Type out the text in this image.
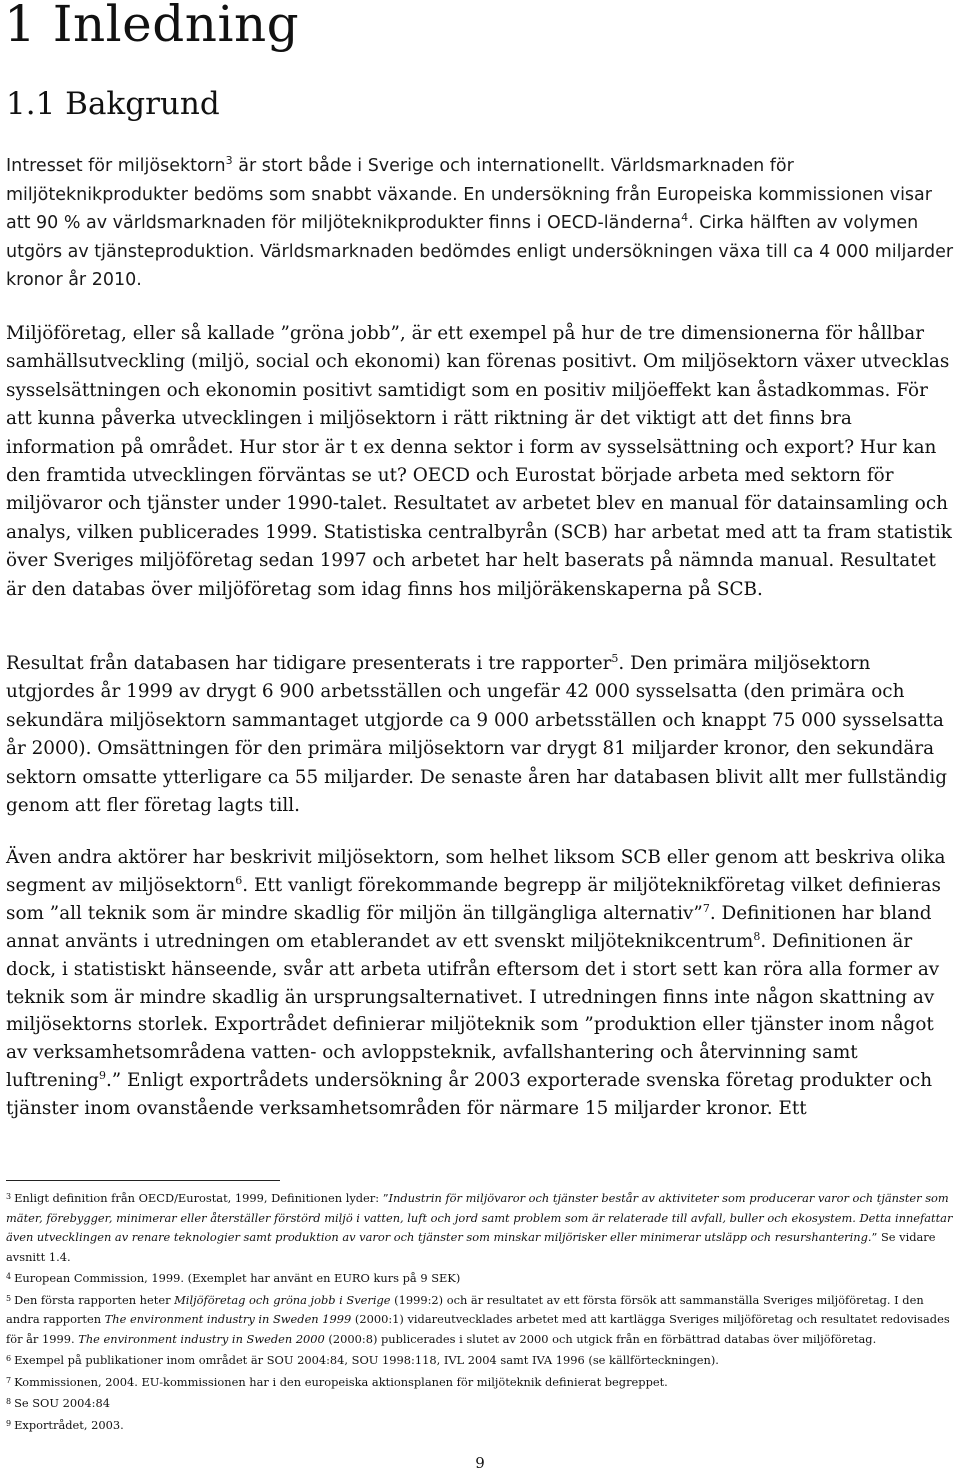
1 Inledning
1.1 Bakgrund

Intresset för miljösektorn$^3$ är stort både i Sverige och internationellt. Världsmarknaden för miljöteknikprodukter bedöms som snabbt växande. En undersökning från Europeiska kommissionen visar att 90 % av världsmarknaden för miljöteknikprodukter finns i OECD-länderna$^4$. Cirka hälften av volymen utgörs av tjänsteproduktion. Världsmarknaden bedömdes enligt undersökningen växa till ca 4 000 miljarder kronor år 2010.

Miljöföretag, eller så kallade ”gröna jobb”, är ett exempel på hur de tre dimensionerna för hållbar samhällsutveckling (miljö, social och ekonomi) kan förenas positivt. Om miljösektorn växer utvecklas sysselsättningen och ekonomin positivt samtidigt som en positiv miljöeffekt kan åstadkommas. För att kunna påverka utvecklingen i miljösektorn i rätt riktning är det viktigt att det finns bra information på området. Hur stor är t ex denna sektor i form av sysselsättning och export? Hur kan den framtida utvecklingen förväntas se ut? OECD och Eurostat började arbeta med sektorn för miljövaror och tjänster under 1990-talet. Resultatet av arbetet blev en manual för datainsamling och analys, vilken publicerades 1999. Statistiska centralbyrån (SCB) har arbetat med att ta fram statistik över Sveriges miljöföretag sedan 1997 och arbetet har helt baserats på nämnda manual. Resultatet är den databas över miljöföretag som idag finns hos miljöräkenskaperna på SCB.

Resultat från databasen har tidigare presenterats i tre rapporter$^5$. Den primära miljösektorn utgjordes år 1999 av drygt 6 900 arbetsställen och ungefär 42 000 sysselsatta (den primära och sekundära miljösektorn sammantaget utgjorde ca 9 000 arbetsställen och knappt 75 000 sysselsatta år 2000). Omsättningen för den primära miljösektorn var drygt 81 miljarder kronor, den sekundära sektorn omsatte ytterligare ca 55 miljarder. De senaste åren har databasen blivit allt mer fullständig genom att fler företag lagts till.

Även andra aktörer har beskrivit miljösektorn, som helhet liksom SCB eller genom att beskriva olika segment av miljösektorn$^6$. Ett vanligt förekommande begrepp är miljöteknikföretag vilket definieras som ”all teknik som är mindre skadlig för miljön än tillgängliga alternativ”$^7$. Definitionen har bland annat använts i utredningen om etablerandet av ett svenskt miljöteknikcentrum$^8$. Definitionen är dock, i statistiskt hänseende, svår att arbeta utifrån eftersom det i stort sett kan röra alla former av teknik som är mindre skadlig än ursprungsalternativet. I utredningen finns inte någon skattning av miljösektorns storlek. Exportrådet definierar miljöteknik som ”produktion eller tjänster inom något av verksamhetsområdena vatten- och avloppsteknik, avfallshantering och återvinning samt luftrening$^9$.” Enligt exportrådets undersökning år 2003 exporterade svenska företag produkter och tjänster inom ovanstående verksamhetsområden för närmare 15 miljarder kronor. Ett

$^3$ Enligt definition från OECD/Eurostat, 1999, Definitionen lyder: ”Industrin för miljövaror och tjänster består av aktiviteter som producerar varor och tjänster som mäter, förebygger, minimerar eller återställer förstörd miljö i vatten, luft och jord samt problem som är relaterade till avfall, buller och ekosystem. Detta innefattar även utvecklingen av renare teknologier samt produktion av varor och tjänster som minskar miljörisker eller minimerar utsläpp och resurshantering.” Se vidare avsnitt 1.4.
$^4$ European Commission, 1999. (Exemplet har använt en EURO kurs på 9 SEK)
$^5$ Den första rapporten heter Miljöföretag och gröna jobb i Sverige (1999:2) och är resultatet av ett första försök att sammanställa Sveriges miljöföretag. I den andra rapporten The environment industry in Sweden 1999 (2000:1) vidareutvecklades arbetet med att kartlägga Sveriges miljöföretag och resultatet redovisades för år 1999. The environment industry in Sweden 2000 (2000:8) publicerades i slutet av 2000 och utgick från en förbättrad databas över miljöföretag.
$^6$ Exempel på publikationer inom området är SOU 2004:84, SOU 1998:118, IVL 2004 samt IVA 1996 (se källförteckningen).
$^7$ Kommissionen, 2004. EU-kommissionen har i den europeiska aktionsplanen för miljöteknik definierat begreppet.
$^8$ Se SOU 2004:84
$^9$ Exportrådet, 2003.
9
